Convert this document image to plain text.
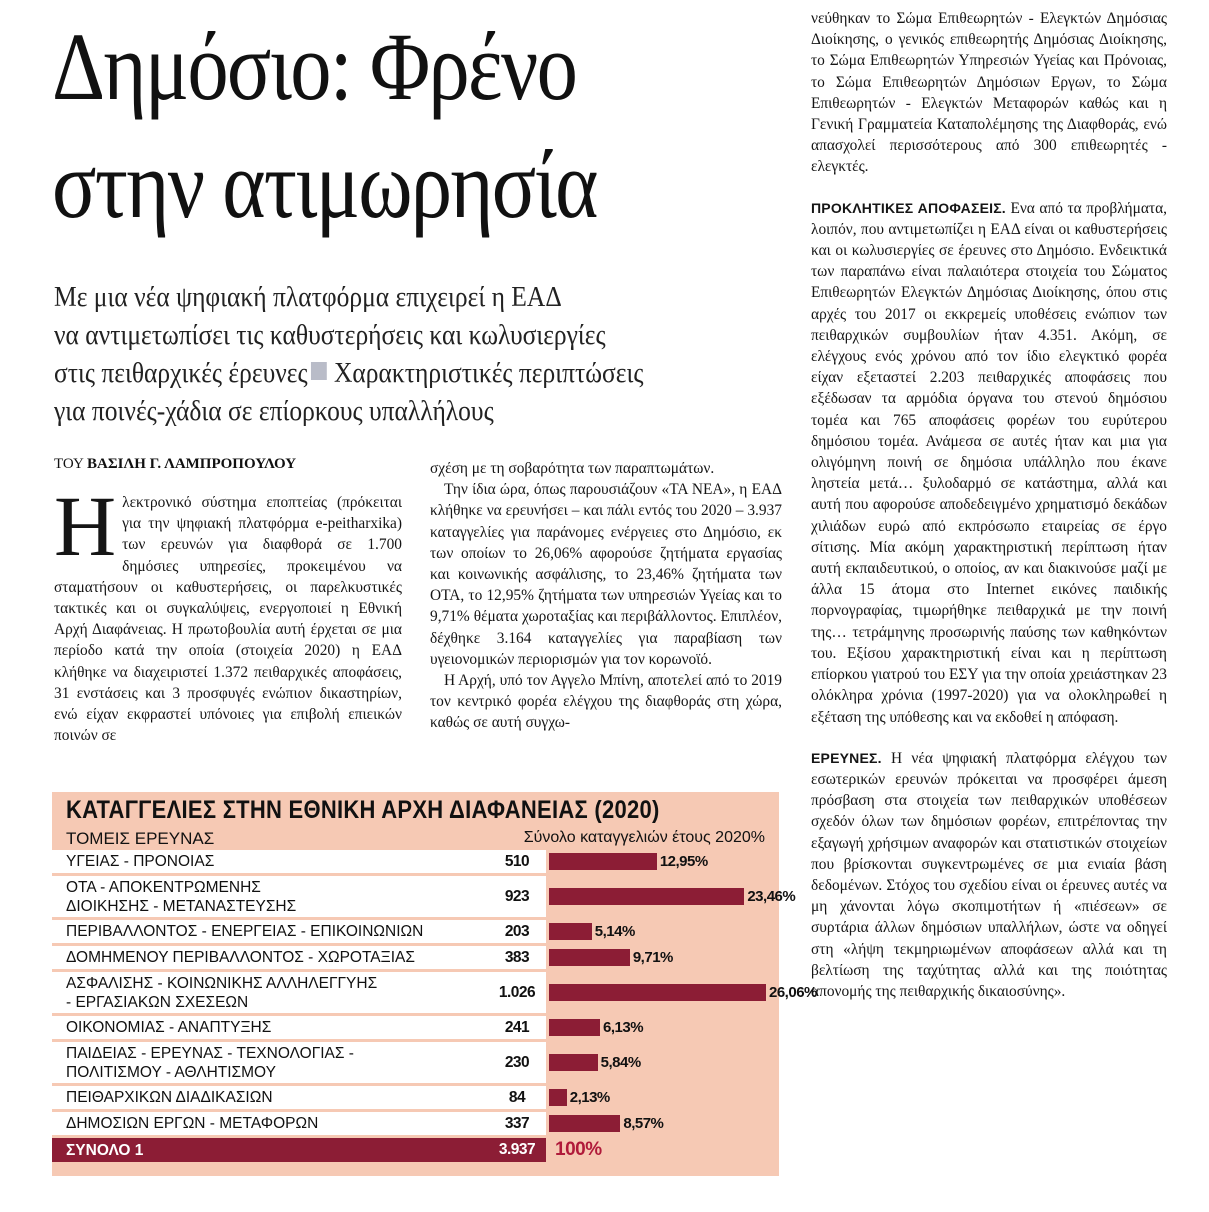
Δημόσιο: Φρένο
στην ατιμωρησία
Με μια νέα ψηφιακή πλατφόρμα επιχειρεί η ΕΑΔ
να αντιμετωπίσει τις καθυστερήσεις και κωλυσιεργίες
στις πειθαρχικές έρευνες Χαρακτηριστικές περιπτώσεις
για ποινές-χάδια σε επίορκους υπαλλήλους
ΤΟΥ ΒΑΣΙΛΗ Γ. ΛΑΜΠΡΟΠΟΥΛΟΥ

Ηλεκτρονικό σύστημα εποπτείας (πρόκειται για την ψηφιακή πλατφόρμα e-peitharxika) των ερευνών για διαφθορά σε 1.700 δημόσιες υπηρεσίες, προκειμένου να σταματήσουν οι καθυστερήσεις, οι παρελκυστικές τακτικές και οι συγκαλύψεις, ενεργοποιεί η Εθνική Αρχή Διαφάνειας. Η πρωτοβουλία αυτή έρχεται σε μια περίοδο κατά την οποία (στοιχεία 2020) η ΕΑΔ κλήθηκε να διαχειριστεί 1.372 πειθαρχικές αποφάσεις, 31 ενστάσεις και 3 προσφυγές ενώπιον δικαστηρίων, ενώ είχαν εκφραστεί υπόνοιες για επιβολή επιεικών ποινών σε

σχέση με τη σοβαρότητα των παραπτωμάτων.

Την ίδια ώρα, όπως παρουσιάζουν «ΤΑ ΝΕΑ», η ΕΑΔ κλήθηκε να ερευνήσει – και πάλι εντός του 2020 – 3.937 καταγγελίες για παράνομες ενέργειες στο Δημόσιο, εκ των οποίων το 26,06% αφορούσε ζητήματα εργασίας και κοινωνικής ασφάλισης, το 23,46% ζητήματα των ΟΤΑ, το 12,95% ζητήματα των υπηρεσιών Υγείας και το 9,71% θέματα χωροταξίας και περιβάλλοντος. Επιπλέον, δέχθηκε 3.164 καταγγελίες για παραβίαση των υγειονομικών περιορισμών για τον κορωνοϊό.

Η Αρχή, υπό τον Αγγελο Μπίνη, αποτελεί από το 2019 τον κεντρικό φορέα ελέγχου της διαφθοράς στη χώρα, καθώς σε αυτή συγχω-

νεύθηκαν το Σώμα Επιθεωρητών - Ελεγκτών Δημόσιας Διοίκησης, ο γενικός επιθεωρητής Δημόσιας Διοίκησης, το Σώμα Επιθεωρητών Υπηρεσιών Υγείας και Πρόνοιας, το Σώμα Επιθεωρητών Δημόσιων Εργων, το Σώμα Επιθεωρητών - Ελεγκτών Μεταφορών καθώς και η Γενική Γραμματεία Καταπολέμησης της Διαφθοράς, ενώ απασχολεί περισσότερους από 300 επιθεωρητές - ελεγκτές.

ΠΡΟΚΛΗΤΙΚΕΣ ΑΠΟΦΑΣΕΙΣ. Ενα από τα προβλήματα, λοιπόν, που αντιμετωπίζει η ΕΑΔ είναι οι καθυστερήσεις και οι κωλυσιεργίες σε έρευνες στο Δημόσιο. Ενδεικτικά των παραπάνω είναι παλαιότερα στοιχεία του Σώματος Επιθεωρητών Ελεγκτών Δημόσιας Διοίκησης, όπου στις αρχές του 2017 οι εκκρεμείς υποθέσεις ενώπιον των πειθαρχικών συμβουλίων ήταν 4.351. Ακόμη, σε ελέγχους ενός χρόνου από τον ίδιο ελεγκτικό φορέα είχαν εξεταστεί 2.203 πειθαρχικές αποφάσεις που εξέδωσαν τα αρμόδια όργανα του στενού δημόσιου τομέα και 765 αποφάσεις φορέων του ευρύτερου δημόσιου τομέα. Ανάμεσα σε αυτές ήταν και μια για ολιγόμηνη ποινή σε δημόσια υπάλληλο που έκανε ληστεία μετά… ξυλοδαρμό σε κατάστημα, αλλά και αυτή που αφορούσε αποδεδειγμένο χρηματισμό δεκάδων χιλιάδων ευρώ από εκπρόσωπο εταιρείας σε έργο σίτισης. Μία ακόμη χαρακτηριστική περίπτωση ήταν αυτή εκπαιδευτικού, ο οποίος, αν και διακινούσε μαζί με άλλα 15 άτομα στο Internet εικόνες παιδικής πορνογραφίας, τιμωρήθηκε πειθαρχικά με την ποινή της… τετράμηνης προσωρινής παύσης των καθηκόντων του. Εξίσου χαρακτηριστική είναι και η περίπτωση επίορκου γιατρού του ΕΣΥ για την οποία χρειάστηκαν 23 ολόκληρα χρόνια (1997-2020) για να ολοκληρωθεί η εξέταση της υπόθεσης και να εκδοθεί η απόφαση.

ΕΡΕΥΝΕΣ. Η νέα ψηφιακή πλατφόρμα ελέγχου των εσωτερικών ερευνών πρόκειται να προσφέρει άμεση πρόσβαση στα στοιχεία των πειθαρχικών υποθέσεων σχεδόν όλων των δημόσιων φορέων, επιτρέποντας την εξαγωγή χρήσιμων αναφορών και στατιστικών στοιχείων που βρίσκονται συγκεντρωμένες σε μια ενιαία βάση δεδομένων. Στόχος του σχεδίου είναι οι έρευνες αυτές να μη χάνονται λόγω σκοπιμοτήτων ή «πιέσεων» σε συρτάρια άλλων δημόσιων υπαλλήλων, ώστε να οδηγεί στη «λήψη τεκμηριωμένων αποφάσεων αλλά και τη βελτίωση της ταχύτητας αλλά και της ποιότητας απονομής της πειθαρχικής δικαιοσύνης».

ΚΑΤΑΓΓΕΛΙΕΣ ΣΤΗΝ ΕΘΝΙΚΗ ΑΡΧΗ ΔΙΑΦΑΝΕΙΑΣ (2020)
ΤΟΜΕΙΣ ΕΡΕΥΝΑΣ	Σύνολο καταγγελιών έτους 2020%
ΥΓΕΙΑΣ - ΠΡΟΝΟΙΑΣ	510	12,95%
ΟΤΑ - ΑΠΟΚΕΝΤΡΩΜΕΝΗΣ
ΔΙΟΙΚΗΣΗΣ - ΜΕΤΑΝΑΣΤΕΥΣΗΣ
923	23,46%
ΠΕΡΙΒΑΛΛΟΝΤΟΣ - ΕΝΕΡΓΕΙΑΣ - ΕΠΙΚΟΙΝΩΝΙΩΝ	203	5,14%
ΔΟΜΗΜΕΝΟΥ ΠΕΡΙΒΑΛΛΟΝΤΟΣ - ΧΩΡΟΤΑΞΙΑΣ	383	9,71%
ΑΣΦΑΛΙΣΗΣ - ΚΟΙΝΩΝΙΚΗΣ ΑΛΛΗΛΕΓΓΥΗΣ
- ΕΡΓΑΣΙΑΚΩΝ ΣΧΕΣΕΩΝ
1.026	26,06%
ΟΙΚΟΝΟΜΙΑΣ - ΑΝΑΠΤΥΞΗΣ	241	6,13%
ΠΑΙΔΕΙΑΣ - ΕΡΕΥΝΑΣ - ΤΕΧΝΟΛΟΓΙΑΣ -
ΠΟΛΙΤΙΣΜΟΥ - ΑΘΛΗΤΙΣΜΟΥ
230	5,84%
ΠΕΙΘΑΡΧΙΚΩΝ ΔΙΑΔΙΚΑΣΙΩΝ	84	2,13%
ΔΗΜΟΣΙΩΝ ΕΡΓΩΝ - ΜΕΤΑΦΟΡΩΝ	337	8,57%
ΣΥΝΟΛΟ 1	3.937	100%
